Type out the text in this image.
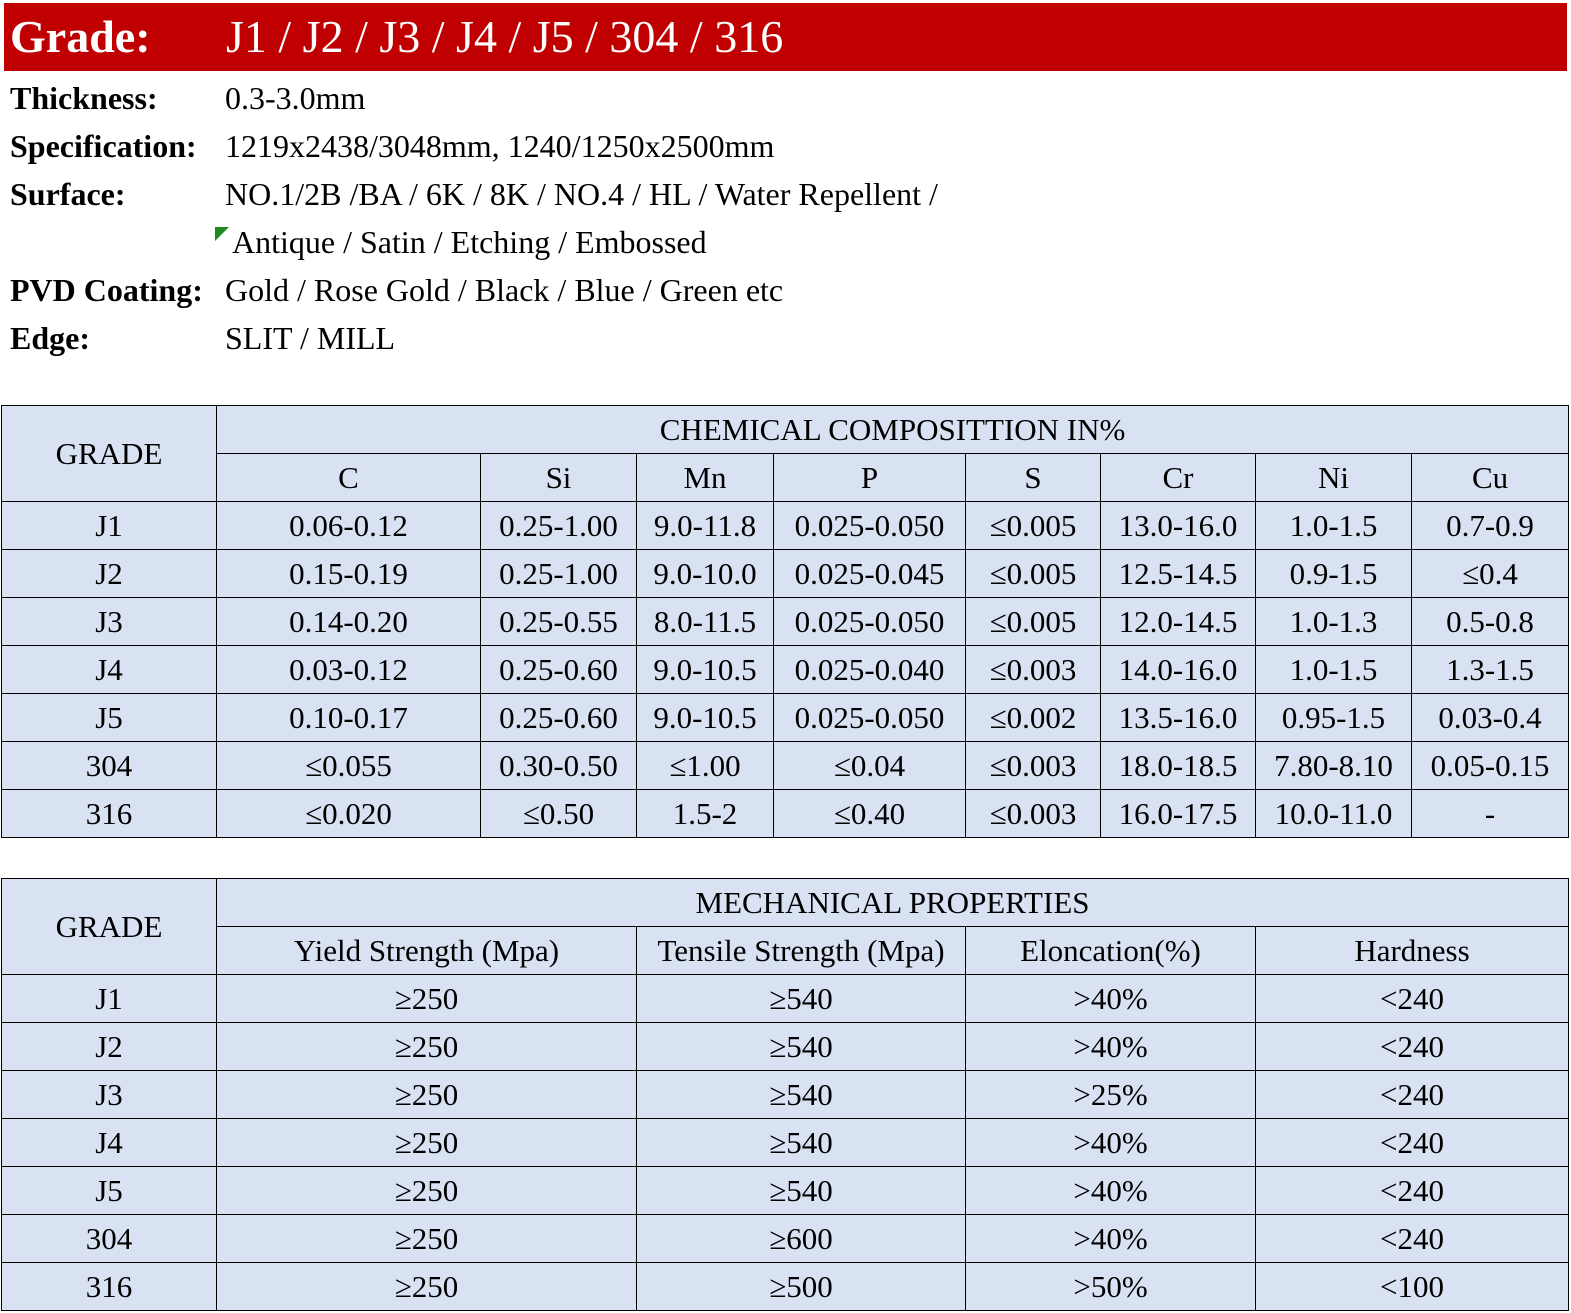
Grade: J1 / J2 / J3 / J4 / J5 / 304 / 316
Thickness: 0.3-3.0mm
Specification: 1219x2438/3048mm, 1240/1250x2500mm
Surface:	NO.1/2B /BA / 6K / 8K / NO.4 / HL / Water Repellent /
Antique / Satin / Etching / Embossed
PVD Coating: Gold / Rose Gold / Black / Blue / Green etc
Edge:	SLIT / MILL
GRADE	CHEMICAL COMPOSITTION IN%							
	C	Si	Mn	P	S	Cr	Ni	Cu
J1	0.06-0.12	0.25-1.00	9.0-11.8	0.025-0.050	≤0.005	13.0-16.0	1.0-1.5	0.7-0.9
J2	0.15-0.19	0.25-1.00	9.0-10.0	0.025-0.045	≤0.005	12.5-14.5	0.9-1.5	≤0.4
J3	0.14-0.20	0.25-0.55	8.0-11.5	0.025-0.050	≤0.005	12.0-14.5	1.0-1.3	0.5-0.8
J4	0.03-0.12	0.25-0.60	9.0-10.5	0.025-0.040	≤0.003	14.0-16.0	1.0-1.5	1.3-1.5
J5	0.10-0.17	0.25-0.60	9.0-10.5	0.025-0.050	≤0.002	13.5-16.0	0.95-1.5	0.03-0.4
304	≤0.055	0.30-0.50	≤1.00	≤0.04	≤0.003	18.0-18.5	7.80-8.10	0.05-0.15
316	≤0.020	≤0.50	1.5-2	≤0.40	≤0.003	16.0-17.5	10.0-11.0	-
GRADE	MECHANICAL PROPERTIES			
	Yield Strength (Mpa)	Tensile Strength (Mpa)	Eloncation(%)	Hardness
J1	≥250	≥540	>40%	<240
J2	≥250	≥540	>40%	<240
J3	≥250	≥540	>25%	<240
J4	≥250	≥540	>40%	<240
J5	≥250	≥540	>40%	<240
304	≥250	≥600	>40%	<240
316	≥250	≥500	>50%	<100
